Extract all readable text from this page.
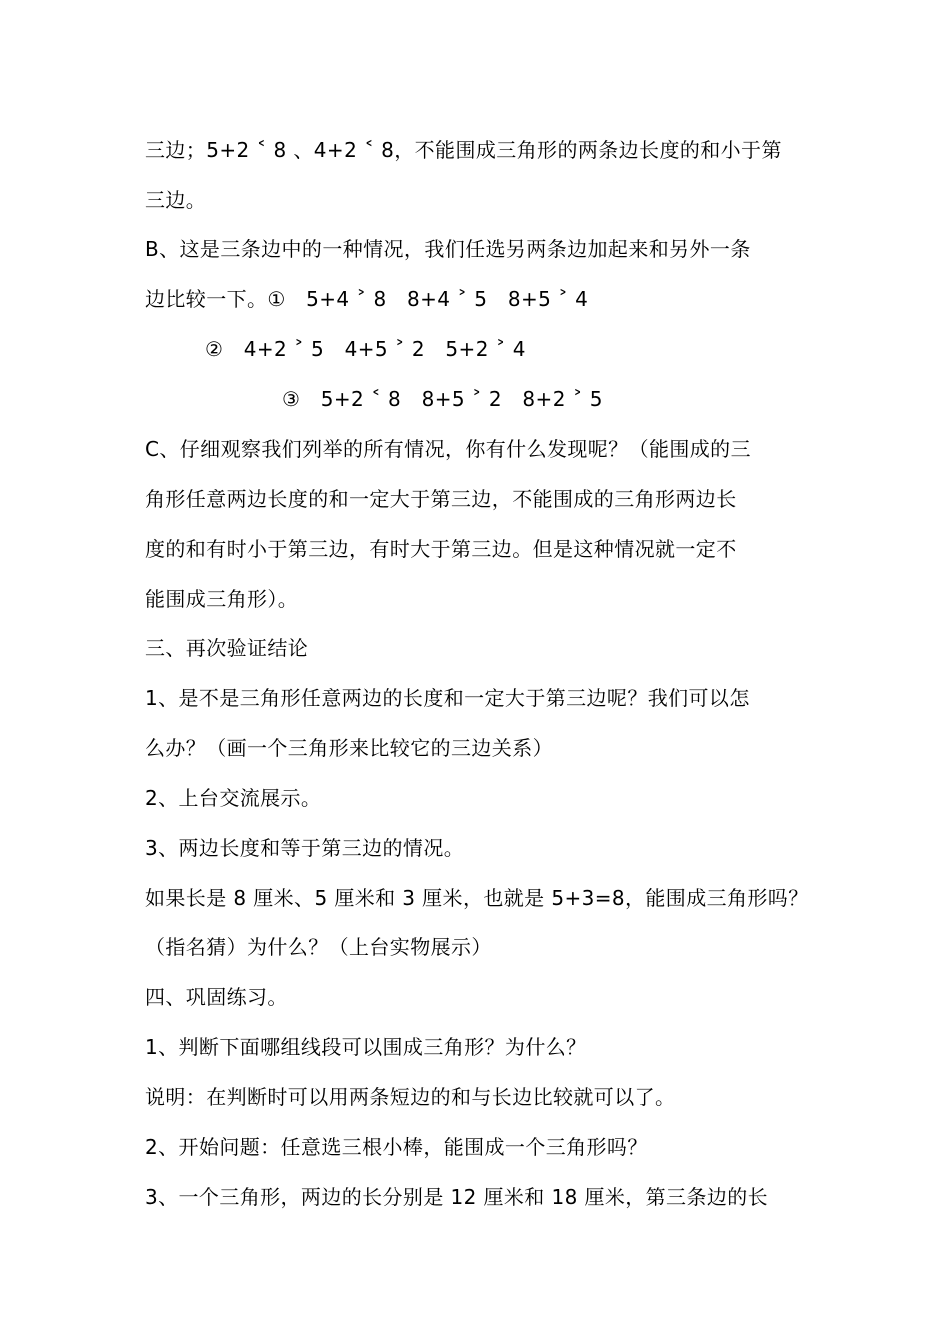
三边；5+2 ˂ 8 、4+2 ˂ 8，不能围成三角形的两条边长度的和小于第
三边。
B、这是三条边中的一种情况，我们任选另两条边加起来和另外一条
边比较一下。①　5+4 ˃ 8　8+4 ˃ 5　8+5 ˃ 4
②　4+2 ˃ 5　4+5 ˃ 2　5+2 ˃ 4
③　5+2 ˂ 8　8+5 ˃ 2　8+2 ˃ 5
C、仔细观察我们列举的所有情况，你有什么发现呢？（能围成的三
角形任意两边长度的和一定大于第三边，不能围成的三角形两边长
度的和有时小于第三边，有时大于第三边。但是这种情况就一定不
能围成三角形）。
三、再次验证结论
1、是不是三角形任意两边的长度和一定大于第三边呢？我们可以怎
么办？（画一个三角形来比较它的三边关系）
2、上台交流展示。
3、两边长度和等于第三边的情况。
如果长是 8 厘米、5 厘米和 3 厘米，也就是 5+3=8，能围成三角形吗？
（指名猜）为什么？（上台实物展示）
四、巩固练习。
1、判断下面哪组线段可以围成三角形？为什么？
说明：在判断时可以用两条短边的和与长边比较就可以了。
2、开始问题：任意选三根小棒，能围成一个三角形吗？
3、一个三角形，两边的长分别是 12 厘米和 18 厘米，第三条边的长
